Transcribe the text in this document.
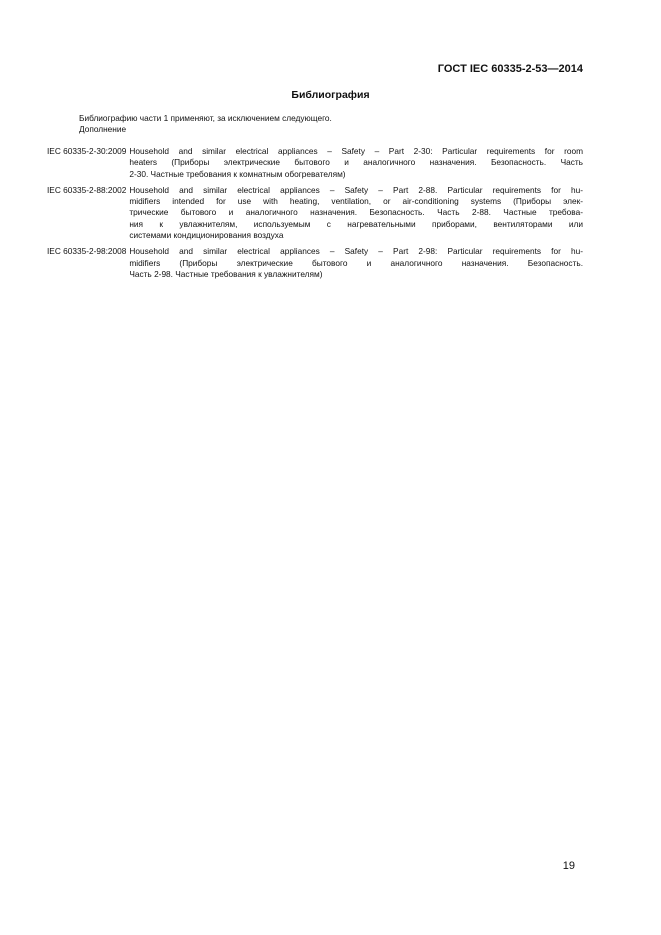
ГОСТ IEC 60335-2-53—2014

Библиография
Библиографию части 1 применяют, за исключением следующего.
Дополнение
IEC 60335-2-30:2009 Household and similar electrical appliances – Safety – Part 2-30: Particular requirements for room
heaters (Приборы электрические бытового и аналогичного назначения. Безопасность. Часть
2-30. Частные требования к комнатным обогревателям)
IEC 60335-2-88:2002 Household and similar electrical appliances – Safety – Part 2-88. Particular requirements for hu-
midifiers intended for use with heating, ventilation, or air-conditioning systems (Приборы элек-
трические бытового и аналогичного назначения. Безопасность. Часть 2-88. Частные требова-
ния к увлажнителям, используемым с нагревательными приборами, вентиляторами или
системами кондиционирования воздуха
IEC 60335-2-98:2008 Household and similar electrical appliances – Safety – Part 2-98: Particular requirements for hu-
midifiers (Приборы электрические бытового и аналогичного назначения. Безопасность.
Часть 2-98. Частные требования к увлажнителям)

19
